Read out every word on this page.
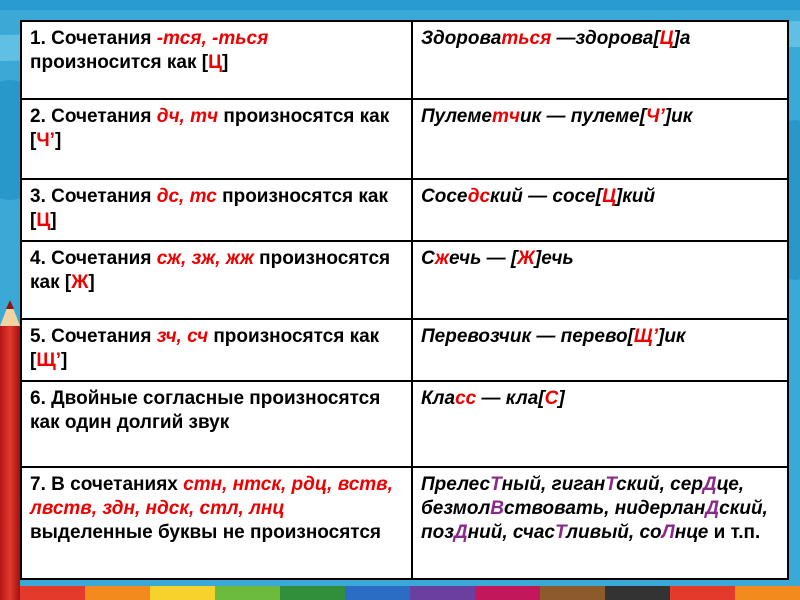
1. Сочетания -тся, -ться произносится как [Ц]	Здороваться —здорова[Ц]а
2. Сочетания дч, тч произносятся как [Ч’]	Пулеметчик — пулеме[Ч’]ик
3. Сочетания дс, тс произносятся как [Ц]	Соседский — сосе[Ц]кий
4. Сочетания сж, зж, жж произносятся как [Ж]	Сжечь — [Ж]ечь
5. Сочетания зч, сч произносятся как [Щ’]	Перевозчик — перево[Щ’]ик
6. Двойные согласные произносятся как один долгий звук	Класс — кла[С]
7. В сочетаниях стн, нтск, рдц, вств, лвств, здн, ндск, стл, лнц выделенные буквы не произносятся	ПрелесТный, гиганТский, серДце, безмолВствовать, нидерланДский, позДний, счасТливый, соЛнце и т.п.
